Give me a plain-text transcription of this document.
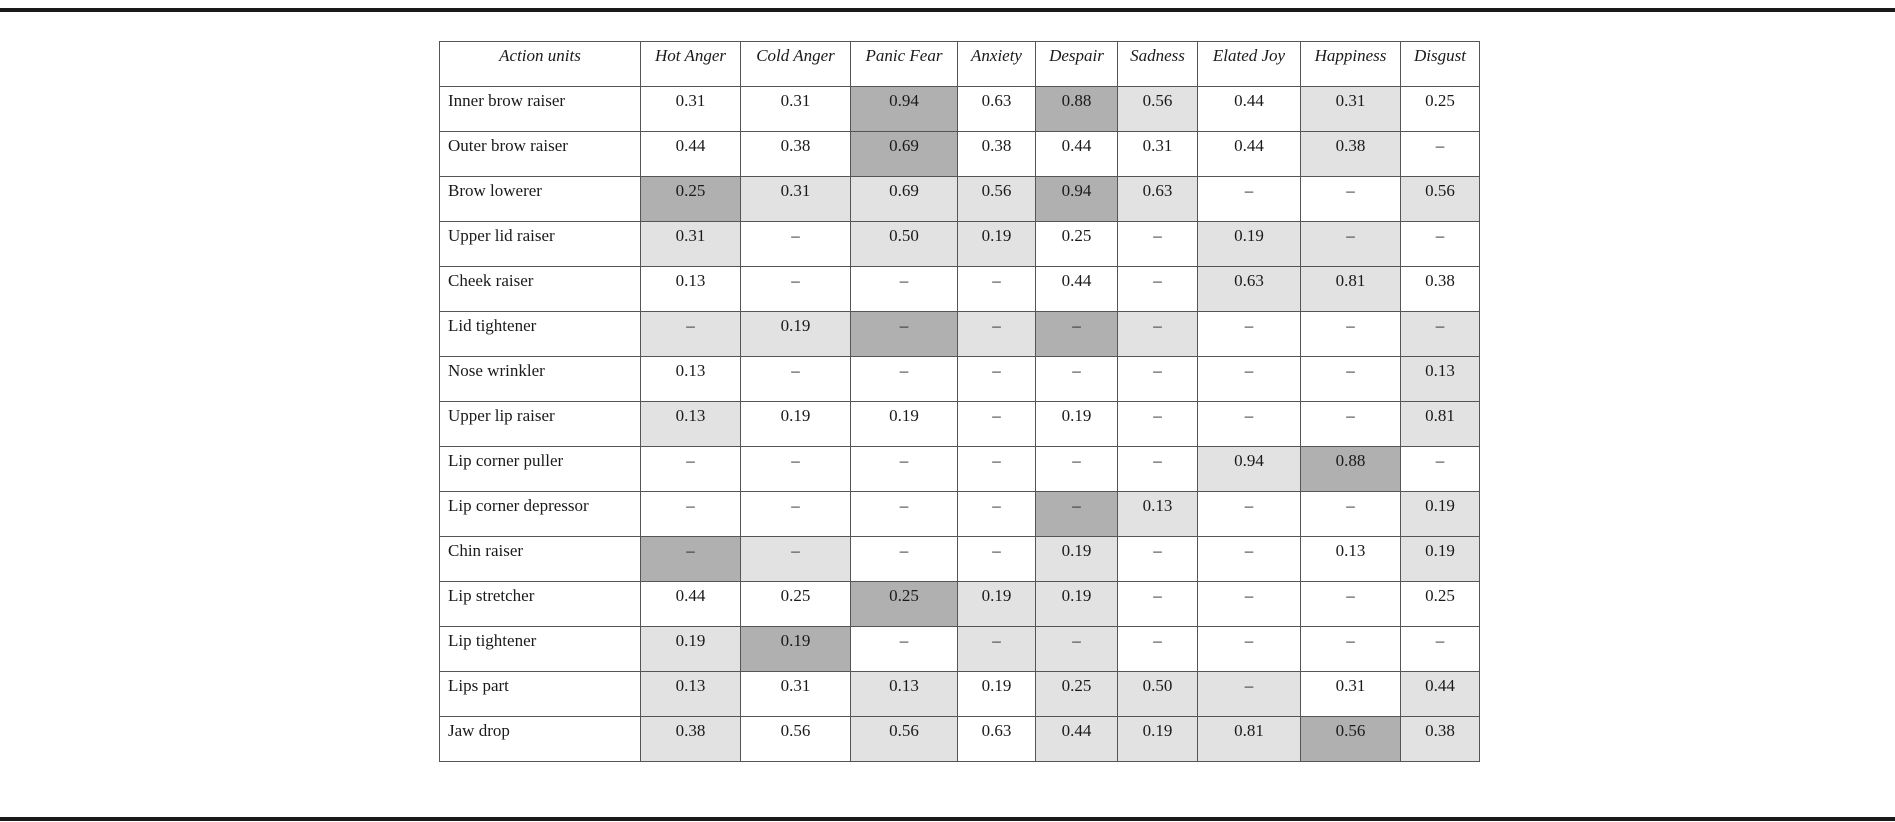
Action units	Hot Anger	Cold Anger	Panic Fear	Anxiety	Despair	Sadness	Elated Joy	Happiness	Disgust
Inner brow raiser	0.31	0.31	0.94	0.63	0.88	0.56	0.44	0.31	0.25
Outer brow raiser	0.44	0.38	0.69	0.38	0.44	0.31	0.44	0.38	–
Brow lowerer	0.25	0.31	0.69	0.56	0.94	0.63	–	–	0.56
Upper lid raiser	0.31	–	0.50	0.19	0.25	–	0.19	–	–
Cheek raiser	0.13	–	–	–	0.44	–	0.63	0.81	0.38
Lid tightener	–	0.19	–	–	–	–	–	–	–
Nose wrinkler	0.13	–	–	–	–	–	–	–	0.13
Upper lip raiser	0.13	0.19	0.19	–	0.19	–	–	–	0.81
Lip corner puller	–	–	–	–	–	–	0.94	0.88	–
Lip corner depressor	–	–	–	–	–	0.13	–	–	0.19
Chin raiser	–	–	–	–	0.19	–	–	0.13	0.19
Lip stretcher	0.44	0.25	0.25	0.19	0.19	–	–	–	0.25
Lip tightener	0.19	0.19	–	–	–	–	–	–	–
Lips part	0.13	0.31	0.13	0.19	0.25	0.50	–	0.31	0.44
Jaw drop	0.38	0.56	0.56	0.63	0.44	0.19	0.81	0.56	0.38
